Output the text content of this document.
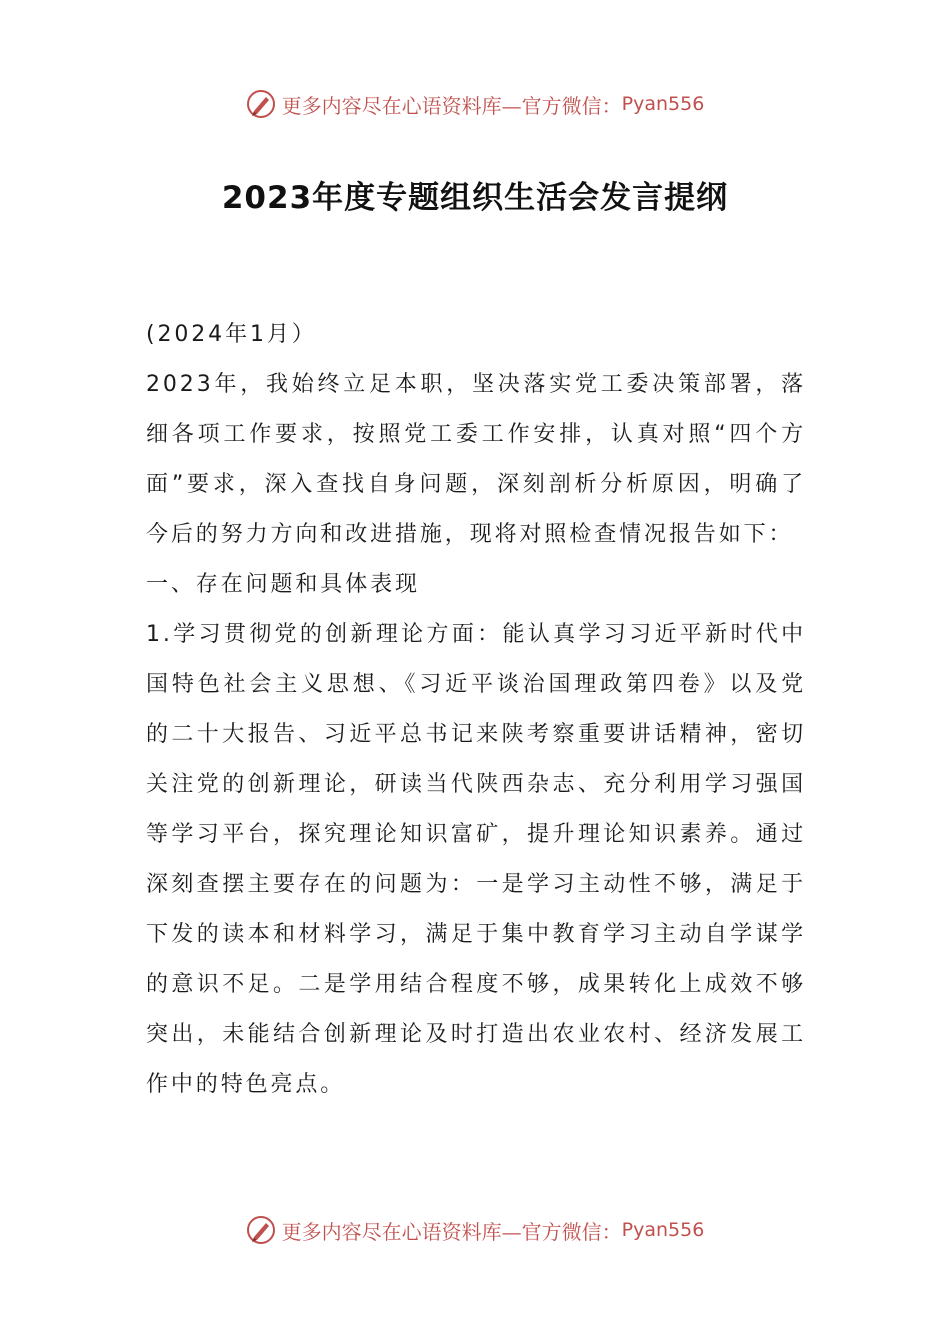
更多内容尽在心语资料库—官方微信： Pyan556
2023年度专题组织生活会发言提纲

(2024年1月）

2023年，我始终立足本职，坚决落实党工委决策部署，落细各项工作要求，按照党工委工作安排，认真对照“四个方面”要求，深入查找自身问题，深刻剖析分析原因，明确了今后的努力方向和改进措施，现将对照检查情况报告如下：

一、存在问题和具体表现

1.学习贯彻党的创新理论方面：能认真学习习近平新时代中国特色社会主义思想、《习近平谈治国理政第四卷》以及党的二十大报告、习近平总书记来陕考察重要讲话精神，密切关注党的创新理论，研读当代陕西杂志、充分利用学习强国等学习平台，探究理论知识富矿，提升理论知识素养。通过深刻查摆主要存在的问题为：一是学习主动性不够，满足于下发的读本和材料学习，满足于集中教育学习主动自学谋学的意识不足。二是学用结合程度不够，成果转化上成效不够突出，未能结合创新理论及时打造出农业农村、经济发展工作中的特色亮点。

更多内容尽在心语资料库—官方微信： Pyan556
